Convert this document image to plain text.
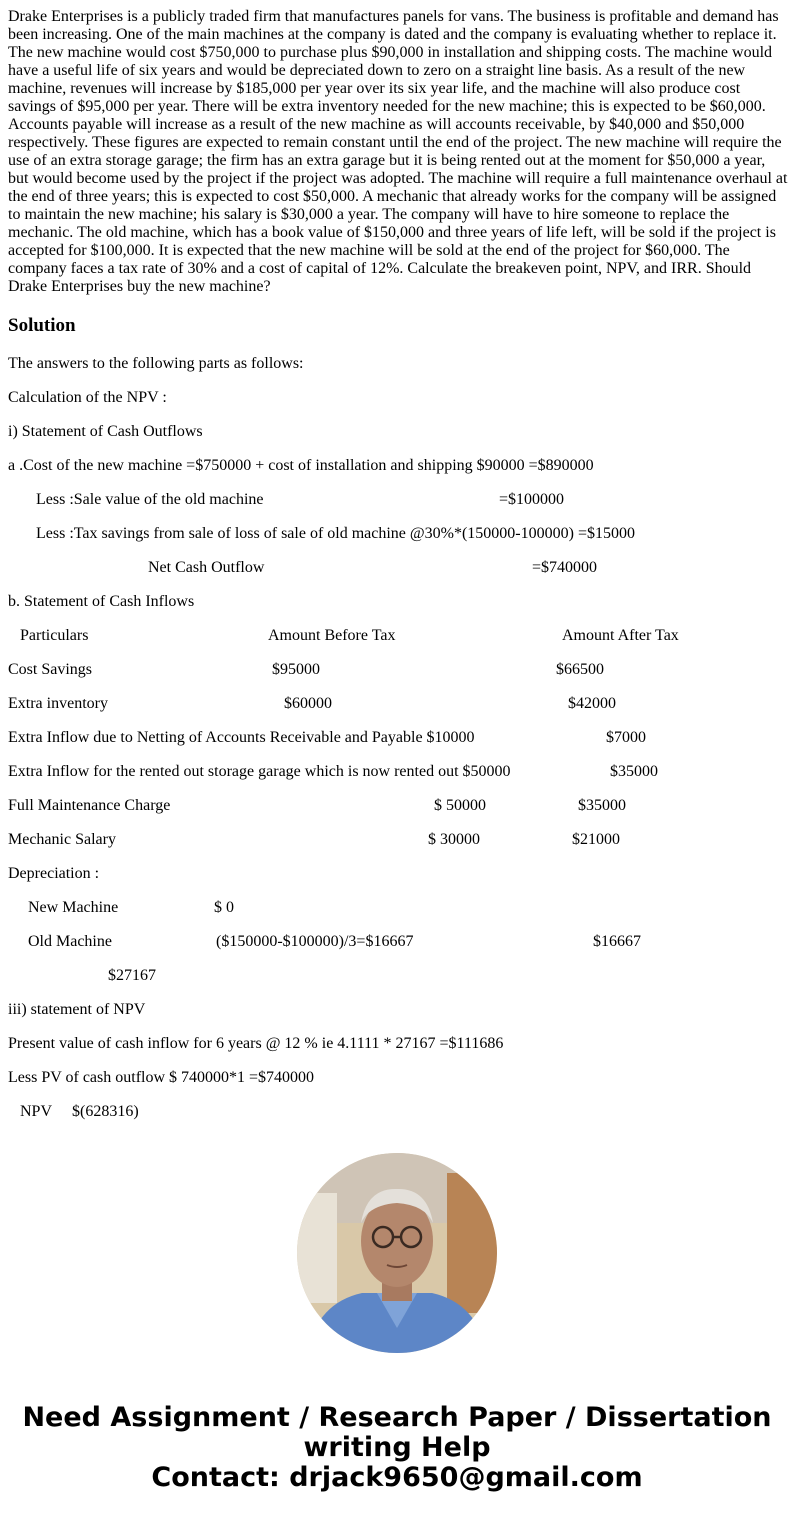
Drake Enterprises is a publicly traded firm that manufactures panels for vans. The business is profitable and demand has been increasing. One of the main machines at the company is dated and the company is evaluating whether to replace it. The new machine would cost $750,000 to purchase plus $90,000 in installation and shipping costs. The machine would have a useful life of six years and would be depreciated down to zero on a straight line basis. As a result of the new machine, revenues will increase by $185,000 per year over its six year life, and the machine will also produce cost savings of $95,000 per year. There will be extra inventory needed for the new machine; this is expected to be $60,000. Accounts payable will increase as a result of the new machine as will accounts receivable, by $40,000 and $50,000 respectively. These figures are expected to remain constant until the end of the project. The new machine will require the use of an extra storage garage; the firm has an extra garage but it is being rented out at the moment for $50,000 a year, but would become used by the project if the project was adopted. The machine will require a full maintenance overhaul at the end of three years; this is expected to cost $50,000. A mechanic that already works for the company will be assigned to maintain the new machine; his salary is $30,000 a year. The company will have to hire someone to replace the mechanic. The old machine, which has a book value of $150,000 and three years of life left, will be sold if the project is accepted for $100,000. It is expected that the new machine will be sold at the end of the project for $60,000. The company faces a tax rate of 30% and a cost of capital of 12%. Calculate the breakeven point, NPV, and IRR. Should Drake Enterprises buy the new machine?

Solution
The answers to the following parts as follows:
Calculation of the NPV :
i) Statement of Cash Outflows
a .Cost of the new machine =$750000 + cost of installation and shipping $90000 =$890000
Less :Sale value of the old machine	=$100000
Less :Tax savings from sale of loss of sale of old machine @30%*(150000-100000) =$15000
Net Cash Outflow	=$740000
b. Statement of Cash Inflows
Particulars	Amount Before Tax	Amount After Tax
Cost Savings	$95000	$66500
Extra inventory	$60000	$42000
Extra Inflow due to Netting of Accounts Receivable and Payable $10000	$7000
Extra Inflow for the rented out storage garage which is now rented out $50000	$35000
Full Maintenance Charge	$ 50000	$35000
Mechanic Salary	$ 30000	$21000
Depreciation :
New Machine	$ 0
Old Machine	($150000-$100000)/3=$16667	$16667
$27167
iii) statement of NPV
Present value of cash inflow for 6 years @ 12 % ie 4.1111 * 27167 =$111686
Less PV of cash outflow $ 740000*1 =$740000
NPV $(628316)
Need Assignment / Research Paper / Dissertation
writing Help
Contact: drjack9650@gmail.com
